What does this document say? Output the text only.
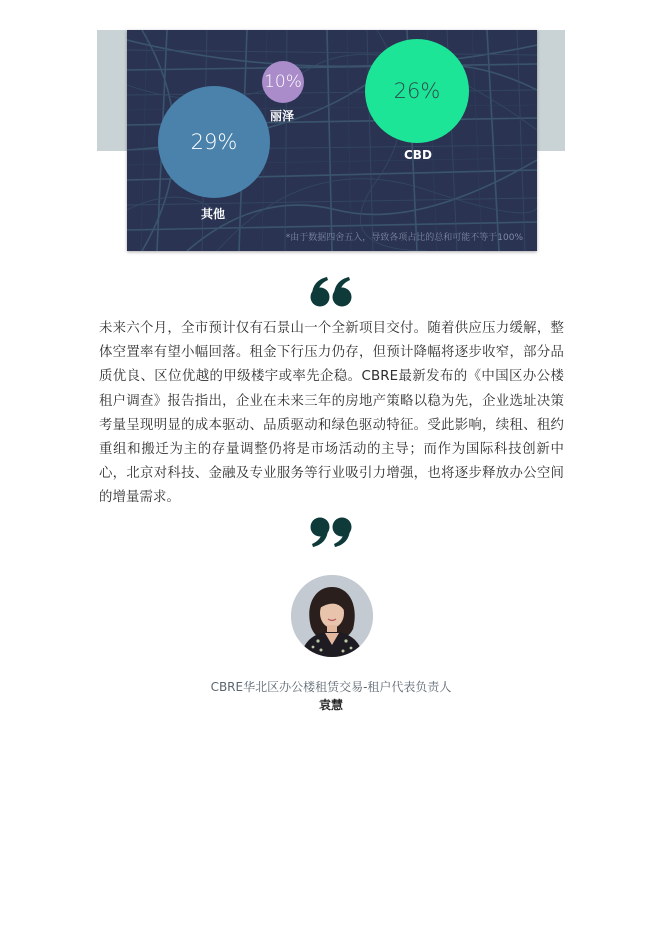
10%
丽泽
29%
其他
26%
CBD
*由于数据四舍五入，导致各项占比的总和可能不等于100%

未来六个月，全市预计仅有石景山一个全新项目交付。随着供应压力缓解，整体空置率有望小幅回落。租金下行压力仍存，但预计降幅将逐步收窄，部分品质优良、区位优越的甲级楼宇或率先企稳。CBRE最新发布的《中国区办公楼租户调查》报告指出，企业在未来三年的房地产策略以稳为先，企业选址决策考量呈现明显的成本驱动、品质驱动和绿色驱动特征。受此影响，续租、租约重组和搬迁为主的存量调整仍将是市场活动的主导；而作为国际科技创新中心，北京对科技、金融及专业服务等行业吸引力增强，也将逐步释放办公空间的增量需求。

CBRE华北区办公楼租赁交易-租户代表负责人
袁慧
